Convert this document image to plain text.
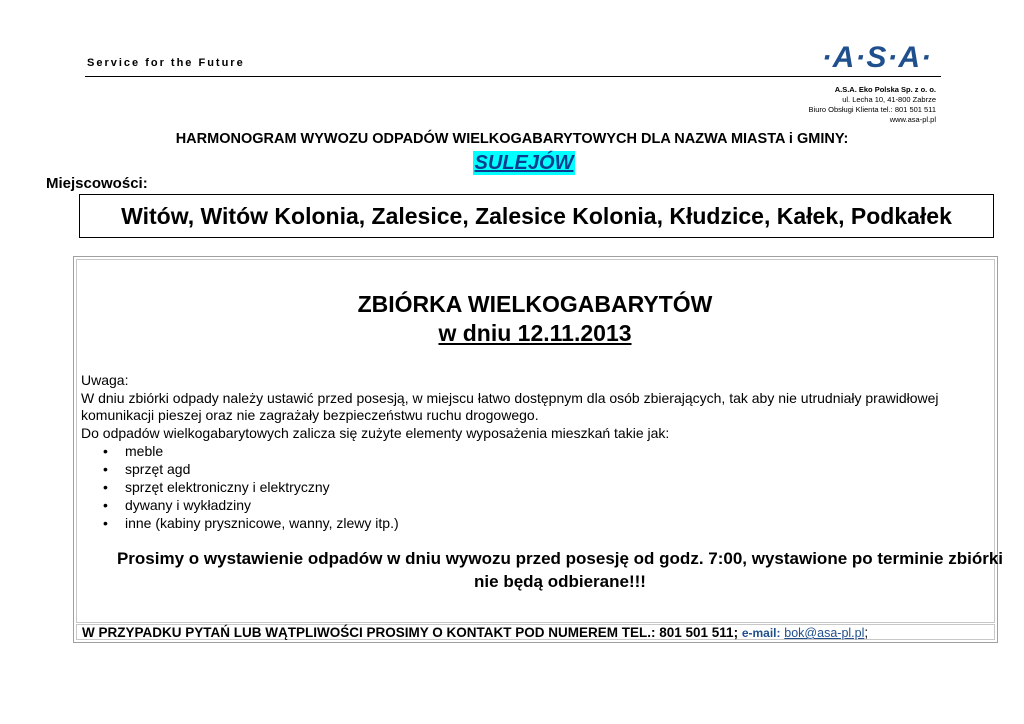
Service for the Future	·A·S·A·
A.S.A. Eko Polska Sp. z o. o.
ul. Lecha 10, 41-800 Zabrze
Biuro Obsługi Klienta tel.: 801 501 511
www.asa-pl.pl
HARMONOGRAM WYWOZU ODPADÓW WIELKOGABARYTOWYCH DLA NAZWA MIASTA i GMINY:
SULEJÓW
Miejscowości:
Witów, Witów Kolonia, Zalesice, Zalesice Kolonia, Kłudzice, Kałek, Podkałek
ZBIÓRKA WIELKOGABARYTÓW
w dniu 12.11.2013

Uwaga:

W dniu zbiórki odpady należy ustawić przed posesją, w miejscu łatwo dostępnym dla osób zbierających, tak aby nie utrudniały prawidłowej komunikacji pieszej oraz nie zagrażały bezpieczeństwu ruchu drogowego.

Do odpadów wielkogabarytowych zalicza się zużyte elementy wyposażenia mieszkań takie jak:

• meble
• sprzęt agd
• sprzęt elektroniczny i elektryczny
• dywany i wykładziny
• inne (kabiny prysznicowe, wanny, zlewy itp.)
Prosimy o wystawienie odpadów w dniu wywozu przed posesję od godz. 7:00, wystawione po terminie zbiórki nie będą odbierane!!!
W PRZYPADKU PYTAŃ LUB WĄTPLIWOŚCI PROSIMY O KONTAKT POD NUMEREM TEL.: 801 501 511; e-mail: bok@asa-pl.pl;
